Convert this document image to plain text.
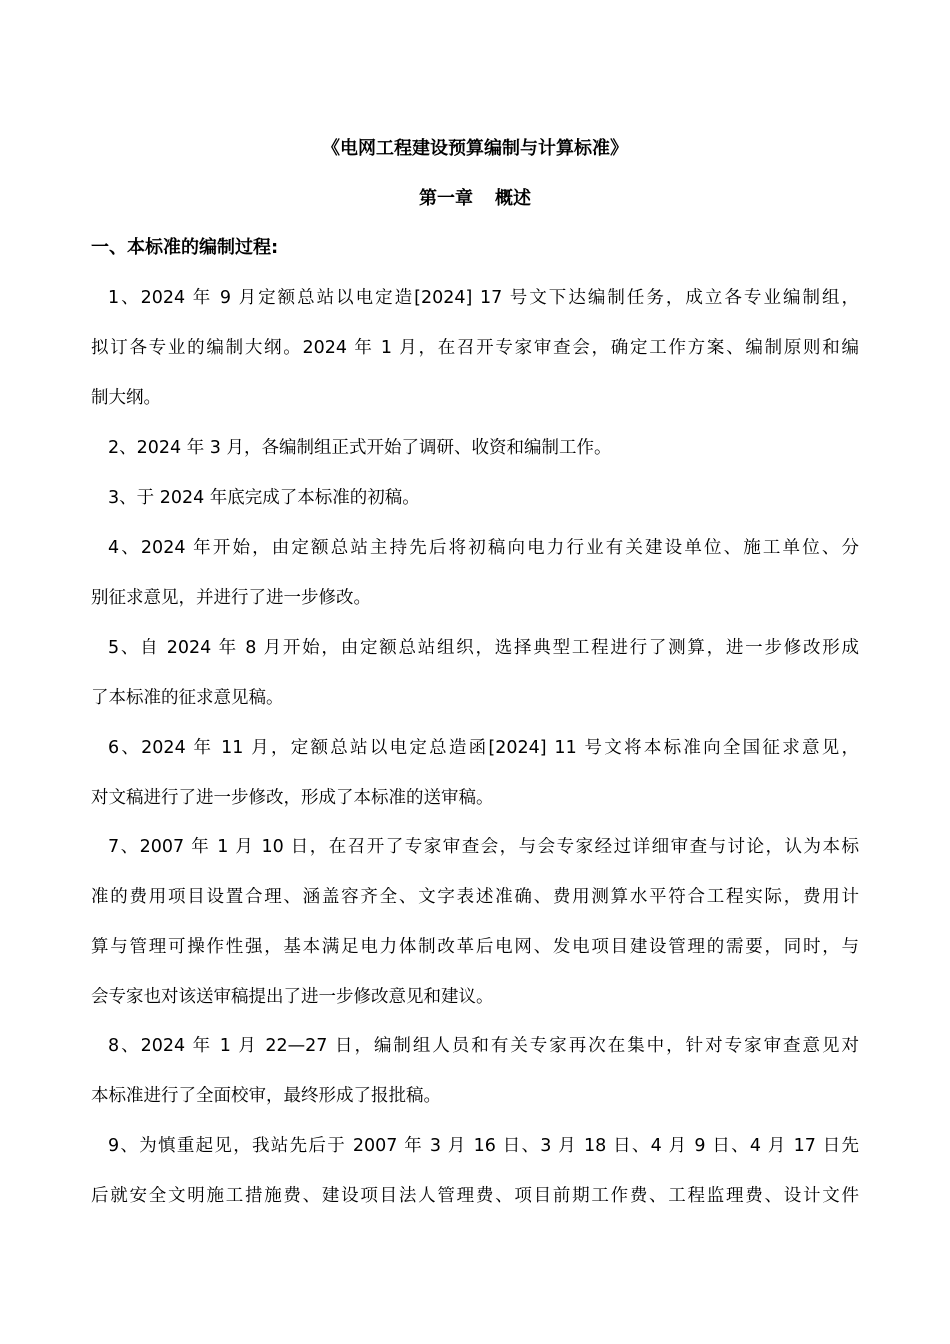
《电网工程建设预算编制与计算标准》
第一章 概述
一、本标准的编制过程:
1、2024 年 9 月定额总站以电定造[2024] 17 号文下达编制任务，成立各专业编制组，
拟订各专业的编制大纲。2024 年 1 月，在召开专家审查会，确定工作方案、编制原则和编
制大纲。
2、2024 年 3 月，各编制组正式开始了调研、收资和编制工作。
3、于 2024 年底完成了本标准的初稿。
4、2024 年开始，由定额总站主持先后将初稿向电力行业有关建设单位、施工单位、分
别征求意见，并进行了进一步修改。
5、自 2024 年 8 月开始，由定额总站组织，选择典型工程进行了测算，进一步修改形成
了本标准的征求意见稿。
6、2024 年 11 月，定额总站以电定总造函[2024] 11 号文将本标准向全国征求意见，
对文稿进行了进一步修改，形成了本标准的送审稿。
7、2007 年 1 月 10 日，在召开了专家审查会，与会专家经过详细审查与讨论，认为本标
准的费用项目设置合理、涵盖容齐全、文字表述准确、费用测算水平符合工程实际，费用计
算与管理可操作性强，基本满足电力体制改革后电网、发电项目建设管理的需要，同时，与
会专家也对该送审稿提出了进一步修改意见和建议。
8、2024 年 1 月 22—27 日，编制组人员和有关专家再次在集中，针对专家审查意见对
本标准进行了全面校审，最终形成了报批稿。
9、为慎重起见，我站先后于 2007 年 3 月 16 日、3 月 18 日、4 月 9 日、4 月 17 日先
后就安全文明施工措施费、建设项目法人管理费、项目前期工作费、工程监理费、设计文件
